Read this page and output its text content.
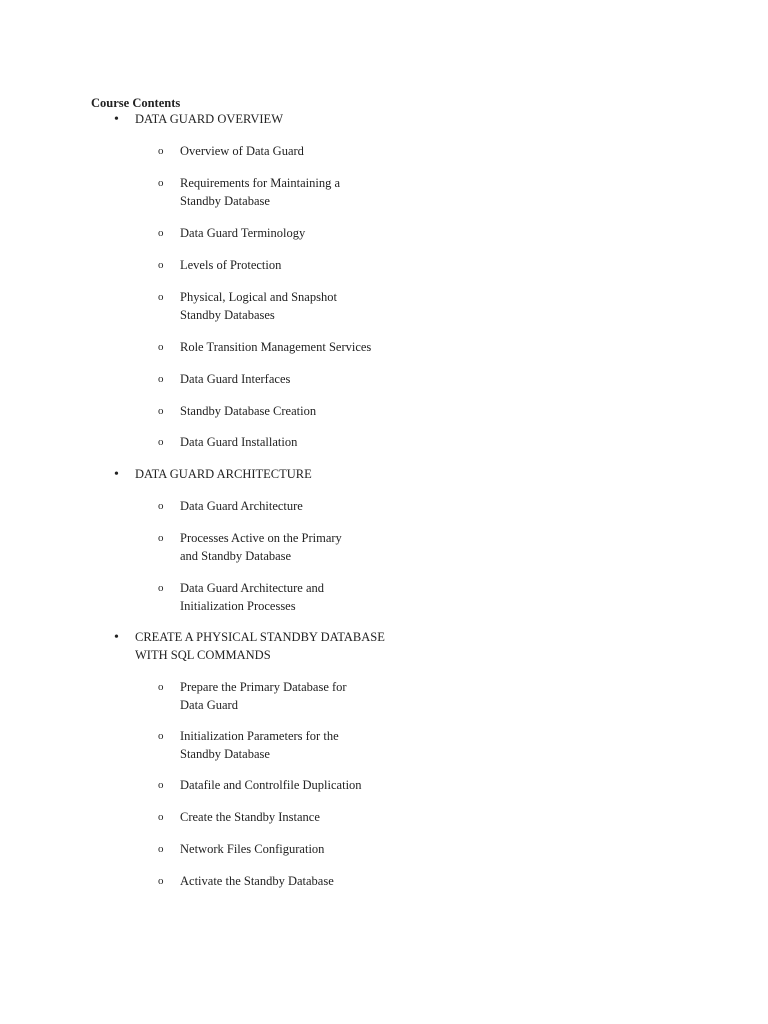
Course Contents

• DATA GUARD OVERVIEW
o Overview of Data Guard
o Requirements for Maintaining a
Standby Database
o Data Guard Terminology
o Levels of Protection
o Physical, Logical and Snapshot
Standby Databases
o Role Transition Management Services
o Data Guard Interfaces
o Standby Database Creation
o Data Guard Installation
• DATA GUARD ARCHITECTURE
o Data Guard Architecture
o Processes Active on the Primary
and Standby Database
o Data Guard Architecture and
Initialization Processes
• CREATE A PHYSICAL STANDBY DATABASE
WITH SQL COMMANDS
o Prepare the Primary Database for
Data Guard
o Initialization Parameters for the
Standby Database
o Datafile and Controlfile Duplication
o Create the Standby Instance
o Network Files Configuration
o Activate the Standby Database
